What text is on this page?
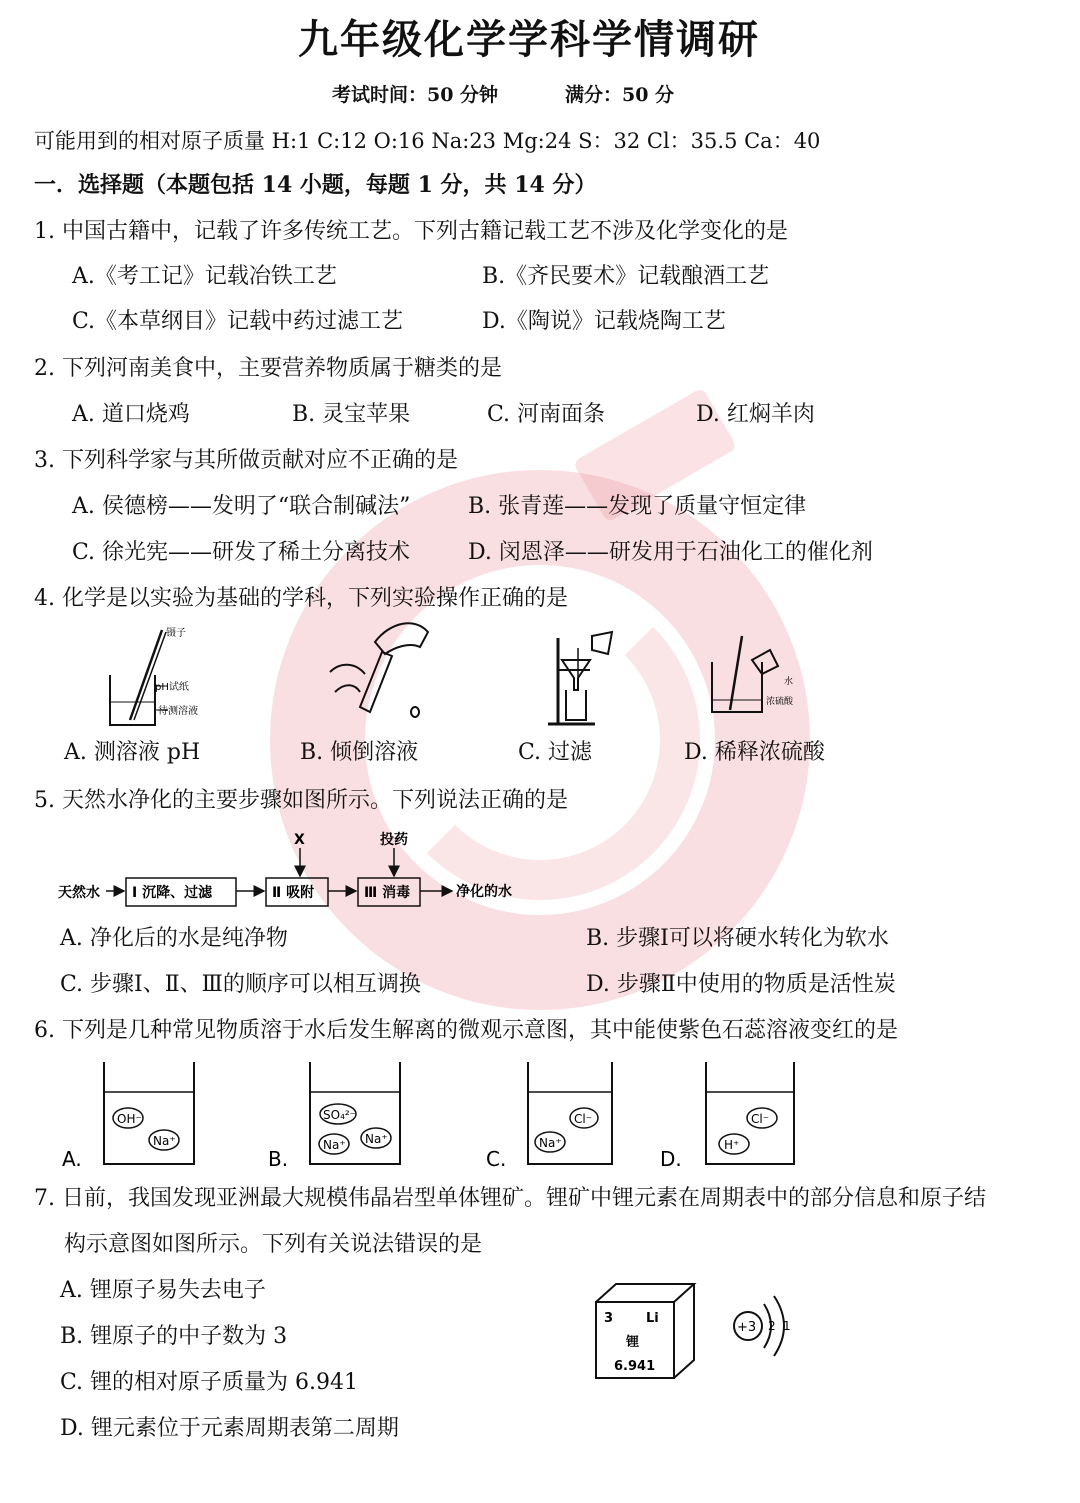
九年级化学学科学情调研
考试时间：50 分钟	满分：50 分
可能用到的相对原子质量 H:1 C:12 O:16 Na:23 Mg:24 S：32 Cl：35.5 Ca：40
一．选择题（本题包括 14 小题，每题 1 分，共 14 分）
1. 中国古籍中，记载了许多传统工艺。下列古籍记载工艺不涉及化学变化的是
A.《考工记》记载冶铁工艺	B.《齐民要术》记载酿酒工艺
C.《本草纲目》记载中药过滤工艺	D.《陶说》记载烧陶工艺
2. 下列河南美食中，主要营养物质属于糖类的是
A. 道口烧鸡	B. 灵宝苹果	C. 河南面条	D. 红焖羊肉
3. 下列科学家与其所做贡献对应不正确的是
A. 侯德榜——发明了“联合制碱法”	B. 张青莲——发现了质量守恒定律
C. 徐光宪——研发了稀土分离技术	D. 闵恩泽——研发用于石油化工的催化剂
4. 化学是以实验为基础的学科，下列实验操作正确的是
镊子
pH试纸
待测溶液
水
浓硫酸
A. 测溶液 pH	B. 倾倒溶液	C. 过滤	D. 稀释浓硫酸
5. 天然水净化的主要步骤如图所示。下列说法正确的是
天然水 Ⅰ 沉降、过滤	Ⅱ 吸附	Ⅲ 消毒	净化的水
X	投药
A. 净化后的水是纯净物	B. 步骤Ⅰ可以将硬水转化为软水
C. 步骤Ⅰ、Ⅱ、Ⅲ的顺序可以相互调换	D. 步骤Ⅱ中使用的物质是活性炭
6. 下列是几种常见物质溶于水后发生解离的微观示意图，其中能使紫色石蕊溶液变红的是
OH⁻
Na⁺
A.
SO₄²⁻
Na⁺ Na⁺
B.
Cl⁻
Na⁺
C.
Cl⁻
H⁺
D.
7. 日前，我国发现亚洲最大规模伟晶岩型单体锂矿。锂矿中锂元素在周期表中的部分信息和原子结
构示意图如图所示。下列有关说法错误的是
A. 锂原子易失去电子
B. 锂原子的中子数为 3
C. 锂的相对原子质量为 6.941
D. 锂元素位于元素周期表第二周期
3	Li
锂
6.941
+3 2 1
